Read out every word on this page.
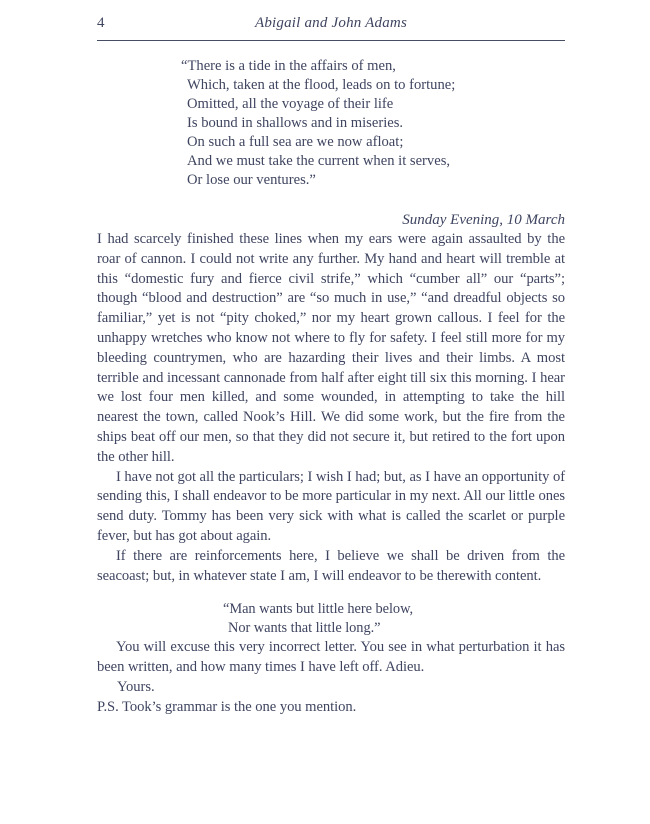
4	Abigail and John Adams
“There is a tide in the affairs of men,
Which, taken at the flood, leads on to fortune;
Omitted, all the voyage of their life
Is bound in shallows and in miseries.
On such a full sea are we now afloat;
And we must take the current when it serves,
Or lose our ventures.”
Sunday Evening, 10 March

I had scarcely finished these lines when my ears were again assaulted by the roar of cannon. I could not write any further. My hand and heart will tremble at this “domestic fury and fierce civil strife,” which “cumber all” our “parts”; though “blood and destruction” are “so much in use,” “and dreadful objects so familiar,” yet is not “pity choked,” nor my heart grown callous. I feel for the unhappy wretches who know not where to fly for safety. I feel still more for my bleeding countrymen, who are hazarding their lives and their limbs. A most terrible and incessant cannonade from half after eight till six this morning. I hear we lost four men killed, and some wounded, in attempting to take the hill nearest the town, called Nook’s Hill. We did some work, but the fire from the ships beat off our men, so that they did not secure it, but retired to the fort upon the other hill.

I have not got all the particulars; I wish I had; but, as I have an opportunity of sending this, I shall endeavor to be more particular in my next. All our little ones send duty. Tommy has been very sick with what is called the scarlet or purple fever, but has got about again.

If there are reinforcements here, I believe we shall be driven from the seacoast; but, in whatever state I am, I will endeavor to be therewith content.

“Man wants but little here below,
Nor wants that little long.”

You will excuse this very incorrect letter. You see in what perturbation it has been written, and how many times I have left off. Adieu.

Yours.

P.S. Took’s grammar is the one you mention.
